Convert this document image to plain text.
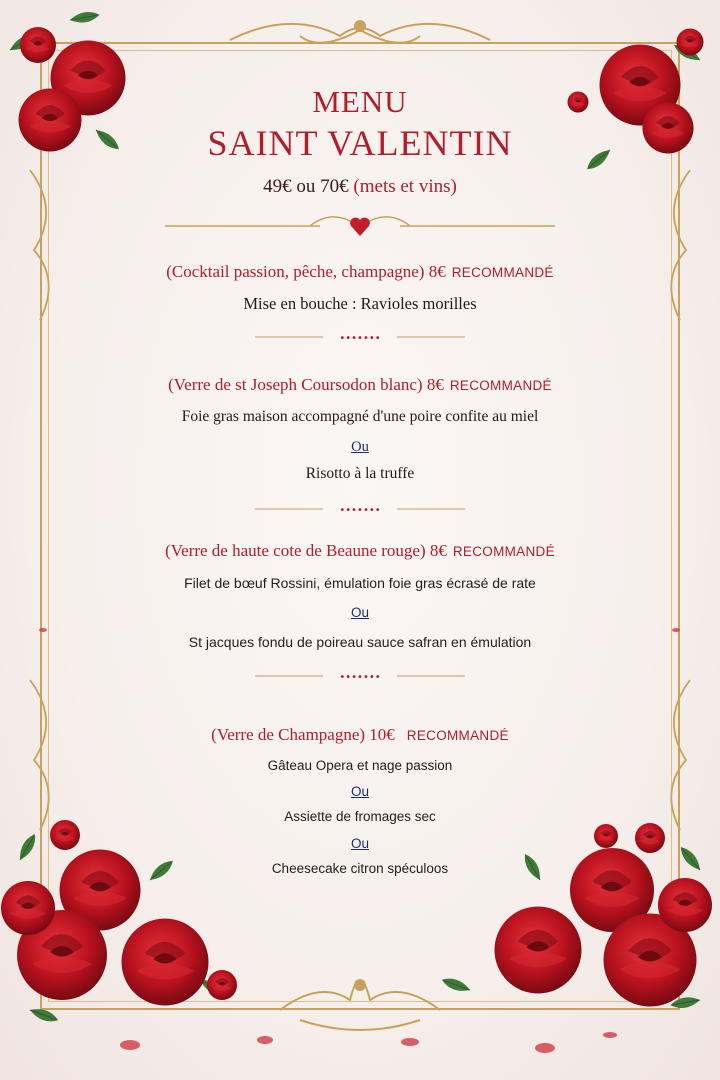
•••••••
•••••••
•••••••
MENU
SAINT VALENTIN
49€ ou 70€ (mets et vins)
(Cocktail passion, pêche, champagne) 8€ RECOMMANDÉ
Mise en bouche : Ravioles morilles
(Verre de st Joseph Coursodon blanc) 8€ RECOMMANDÉ
Foie gras maison accompagné d'une poire confite au miel
Ou
Risotto à la truffe
(Verre de haute cote de Beaune rouge) 8€ RECOMMANDÉ
Filet de bœuf Rossini, émulation foie gras écrasé de rate
Ou
St jacques fondu de poireau sauce safran en émulation
(Verre de Champagne) 10€ RECOMMANDÉ
Gâteau Opera et nage passion
Ou
Assiette de fromages sec
Ou
Cheesecake citron spéculoos
